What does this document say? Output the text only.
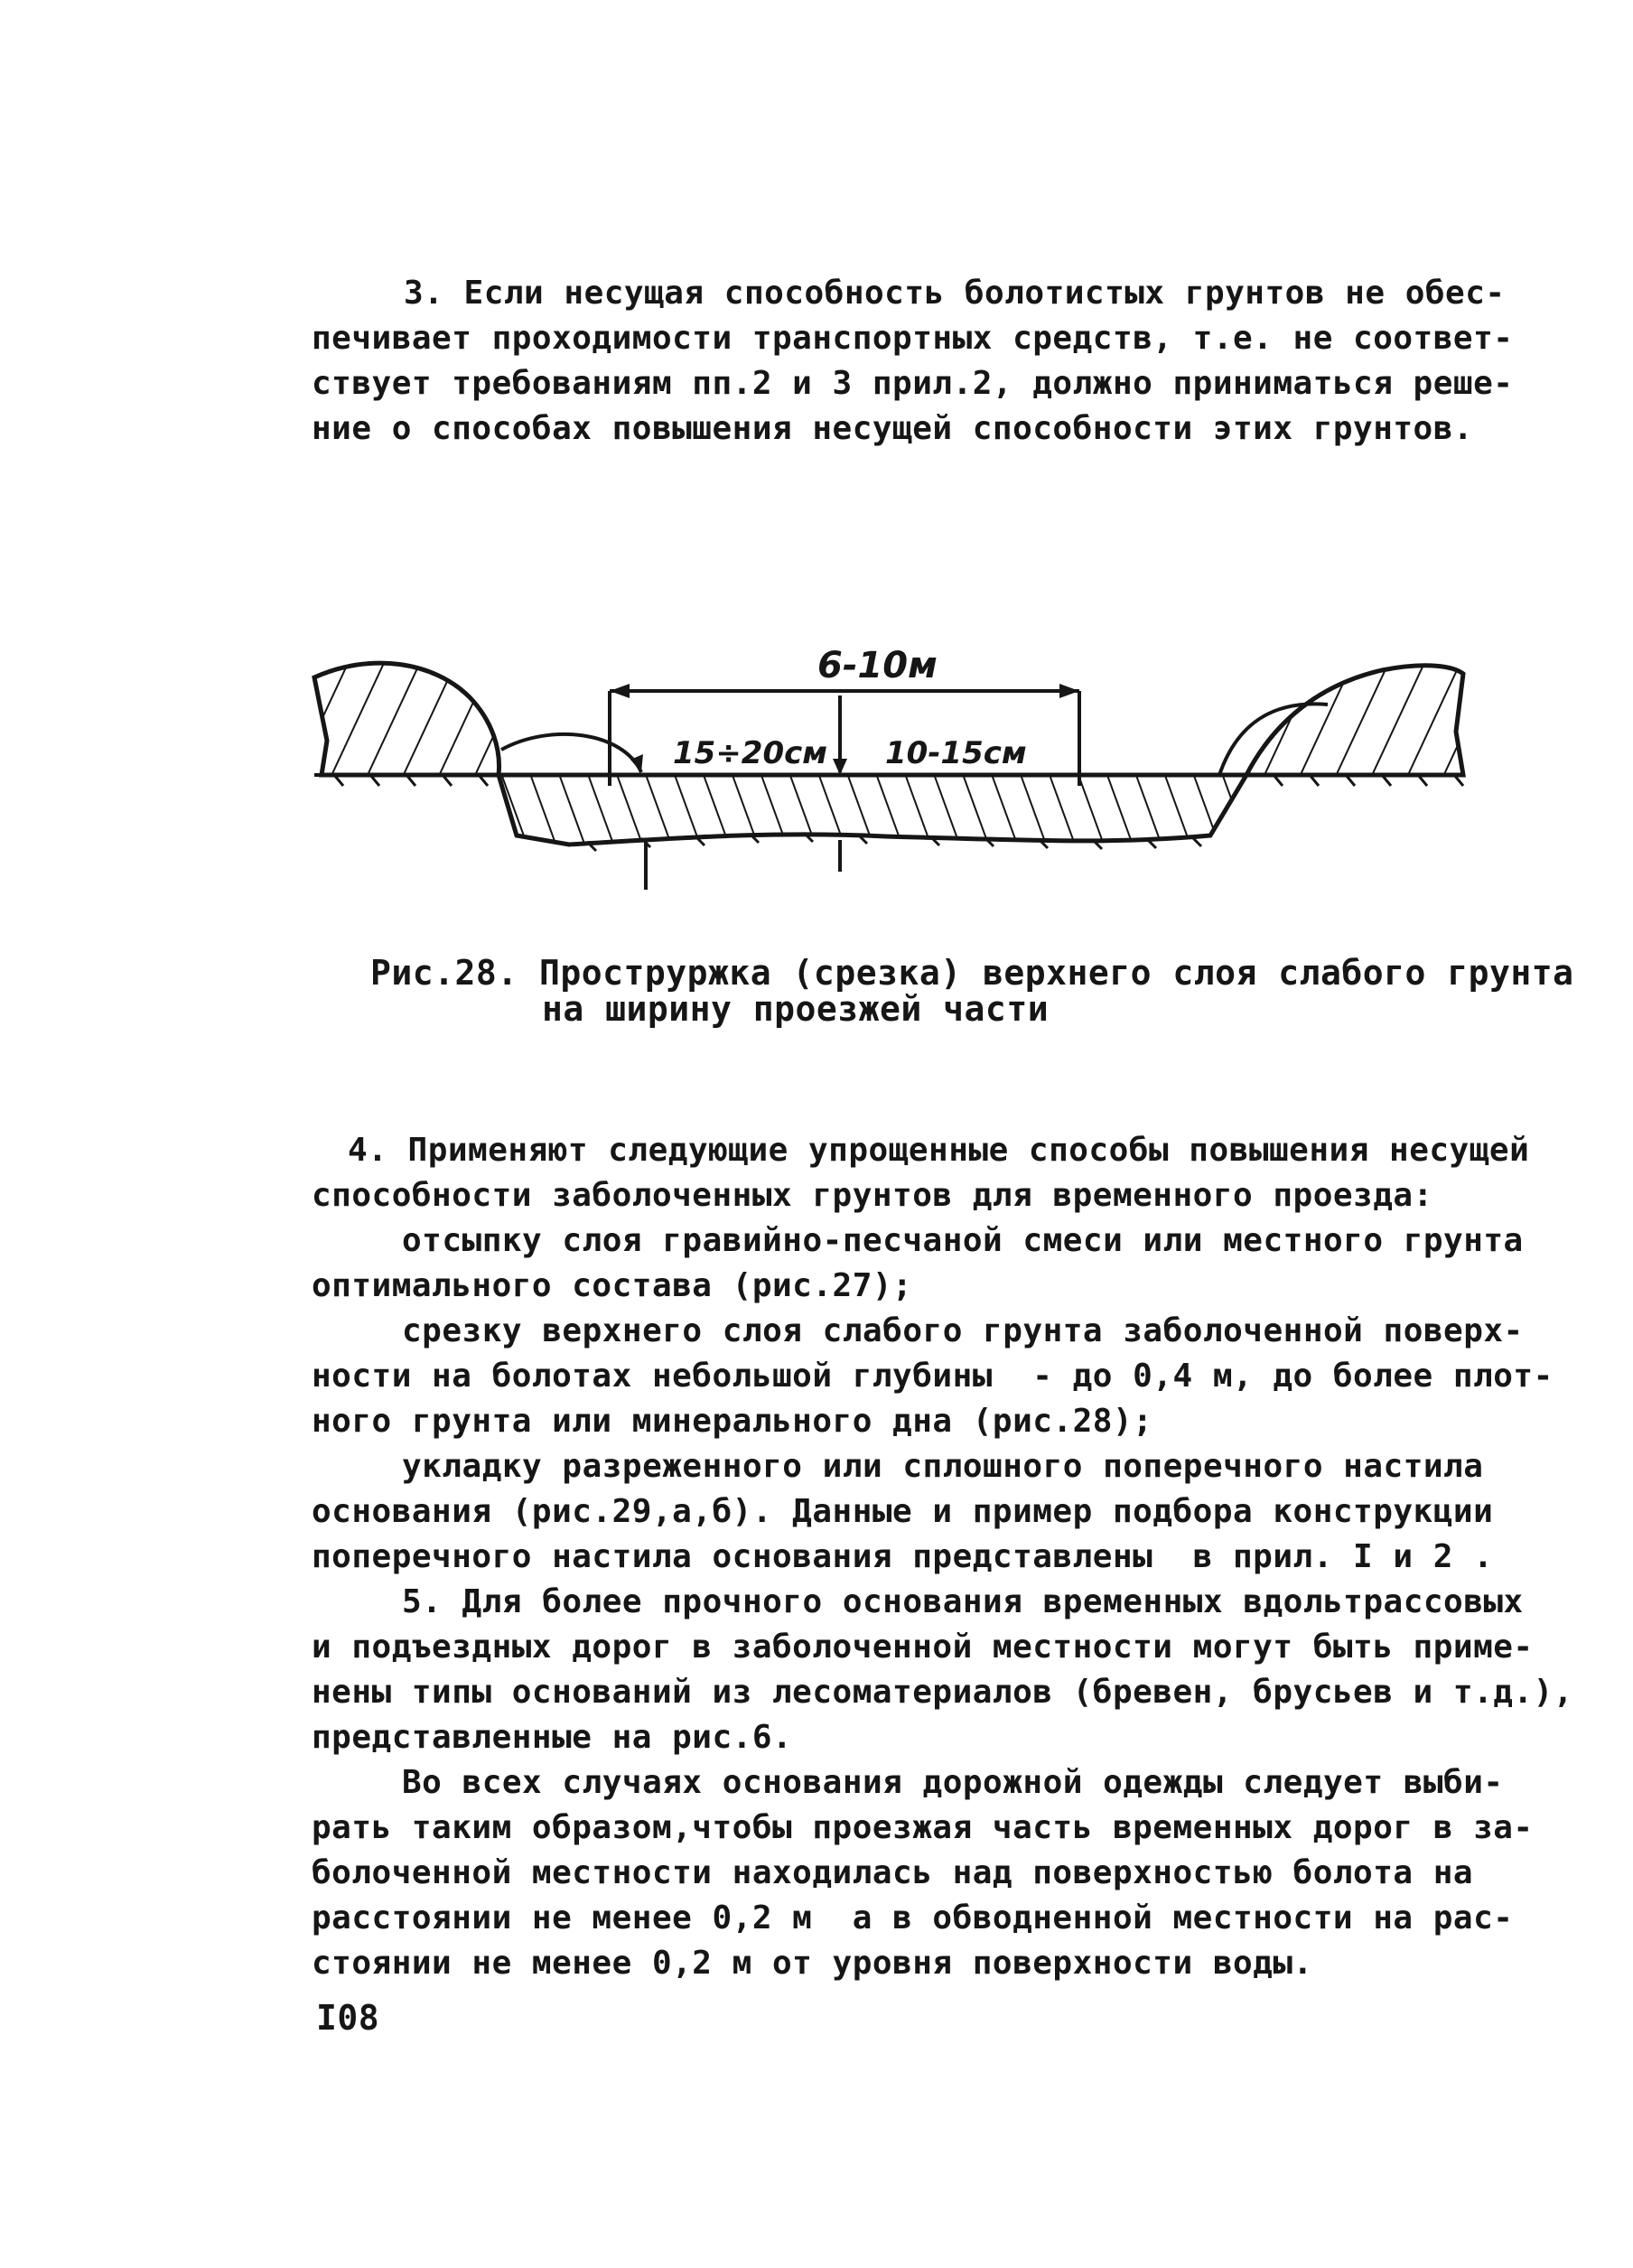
3. Если несущая способность болотистых грунтов не обес-
печивает проходимости транспортных средств, т.е. не соответ-
ствует требованиям пп.2 и 3 прил.2, должно приниматься реше-
ние о способах повышения несущей способности этих грунтов.
6-10м
10-15см
15÷20см
Рис.28. Проструржка (срезка) верхнего слоя слабого грунта
на ширину проезжей части
4. Применяют следующие упрощенные способы повышения несущей
способности заболоченных грунтов для временного проезда:
отсыпку слоя гравийно-песчаной смеси или местного грунта
оптимального состава (рис.27);
срезку верхнего слоя слабого грунта заболоченной поверх-
ности на болотах небольшой глубины  - до 0,4 м, до более плот-
ного грунта или минерального дна (рис.28);
укладку разреженного или сплошного поперечного настила
основания (рис.29,а,б). Данные и пример подбора конструкции
поперечного настила основания представлены  в прил. I и 2 .
5. Для более прочного основания временных вдольтрассовых
и подъездных дорог в заболоченной местности могут быть приме-
нены типы оснований из лесоматериалов (бревен, брусьев и т.д.),
представленные на рис.6.
Во всех случаях основания дорожной одежды следует выби-
рать таким образом,чтобы проезжая часть временных дорог в за-
болоченной местности находилась над поверхностью болота на
расстоянии не менее 0,2 м  а в обводненной местности на рас-
стоянии не менее 0,2 м от уровня поверхности воды.
I08
